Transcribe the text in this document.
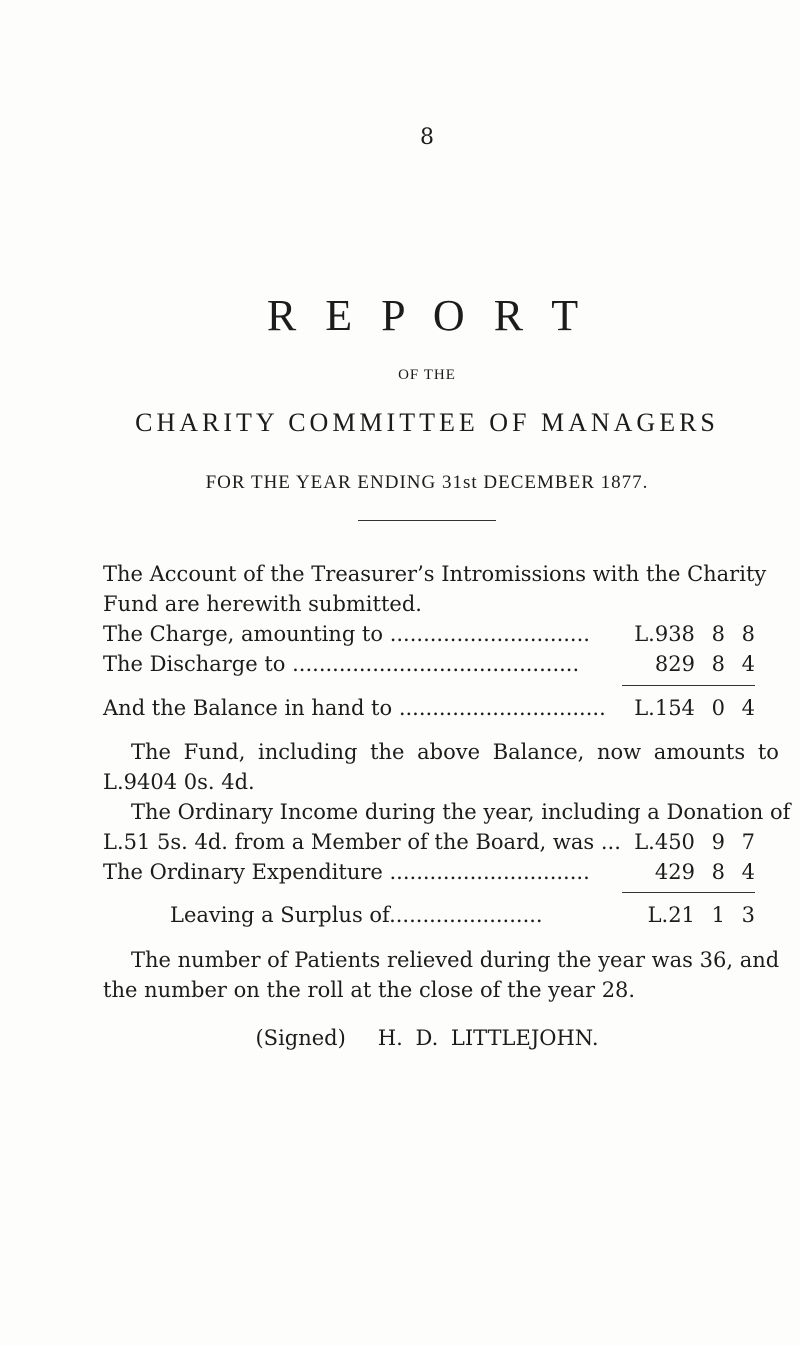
8
R E P O R T
OF THE
CHARITY COMMITTEE OF MANAGERS
FOR THE YEAR ENDING 31st DECEMBER 1877.
The Account of the Treasurer’s Intromissions with the Charity
Fund are herewith submitted.
The Charge, amounting to .............................. L.938 8 8
The Discharge to ...........................................	829 8 4
And the Balance in hand to ............................... L.154 0 4
The Fund, including the above Balance, now amounts to
L.9404 0s. 4d.
The Ordinary Income during the year, including a Donation of
L.51 5s. 4d. from a Member of the Board, was ... L.450 9 7
The Ordinary Expenditure ..............................	429 8 4
Leaving a Surplus of.......................	L.21 1 3
The number of Patients relieved during the year was 36, and
the number on the roll at the close of the year 28.
(Signed) H. D. LITTLEJOHN.
